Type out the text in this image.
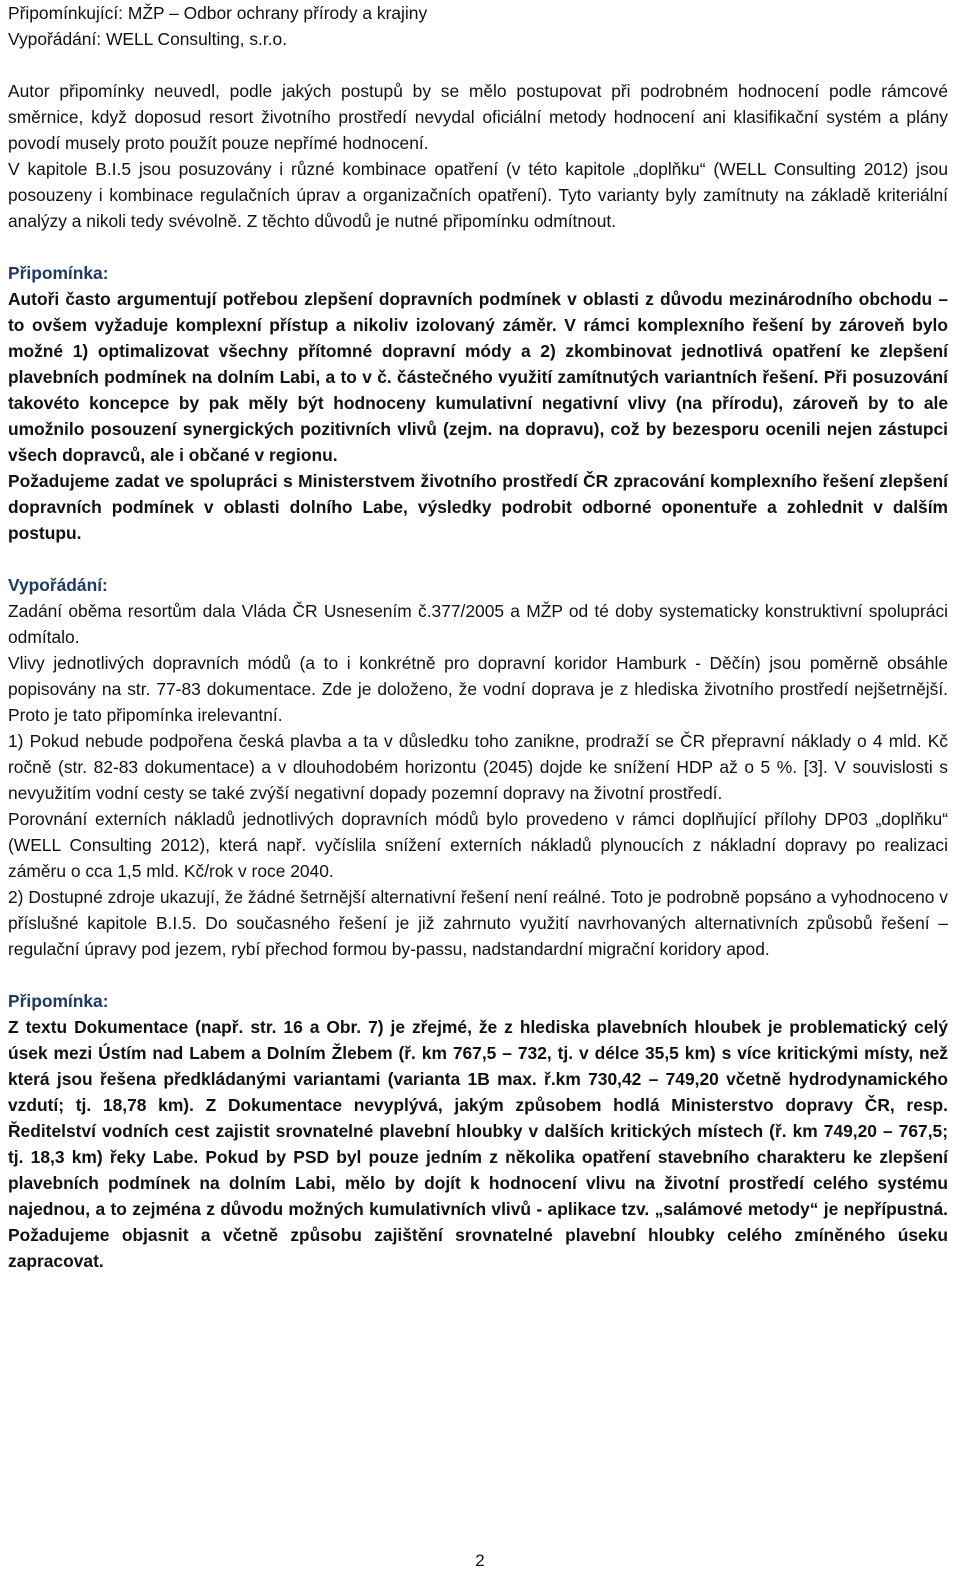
Připomínkující: MŽP – Odbor ochrany přírody a krajiny

Vypořádání: WELL Consulting, s.r.o.

Autor připomínky neuvedl, podle jakých postupů by se mělo postupovat při podrobném hodnocení podle rámcové směrnice, když doposud resort životního prostředí nevydal oficiální metody hodnocení ani klasifikační systém a plány povodí musely proto použít pouze nepřímé hodnocení.

V kapitole B.I.5 jsou posuzovány i různé kombinace opatření (v této kapitole „doplňku“ (WELL Consulting 2012) jsou posouzeny i kombinace regulačních úprav a organizačních opatření). Tyto varianty byly zamítnuty na základě kriteriální analýzy a nikoli tedy svévolně. Z těchto důvodů je nutné připomínku odmítnout.

Připomínka:

Autoři často argumentují potřebou zlepšení dopravních podmínek v oblasti z důvodu mezinárodního obchodu – to ovšem vyžaduje komplexní přístup a nikoliv izolovaný záměr. V rámci komplexního řešení by zároveň bylo možné 1) optimalizovat všechny přítomné dopravní módy a 2) zkombinovat jednotlivá opatření ke zlepšení plavebních podmínek na dolním Labi, a to v č. částečného využití zamítnutých variantních řešení. Při posuzování takovéto koncepce by pak měly být hodnoceny kumulativní negativní vlivy (na přírodu), zároveň by to ale umožnilo posouzení synergických pozitivních vlivů (zejm. na dopravu), což by bezesporu ocenili nejen zástupci všech dopravců, ale i občané v regionu.

Požadujeme zadat ve spolupráci s Ministerstvem životního prostředí ČR zpracování komplexního řešení zlepšení dopravních podmínek v oblasti dolního Labe, výsledky podrobit odborné oponentuře a zohlednit v dalším postupu.

Vypořádání:

Zadání oběma resortům dala Vláda ČR Usnesením č.377/2005 a MŽP od té doby systematicky konstruktivní spolupráci odmítalo.

Vlivy jednotlivých dopravních módů (a to i konkrétně pro dopravní koridor Hamburk - Děčín) jsou poměrně obsáhle popisovány na str. 77-83 dokumentace. Zde je doloženo, že vodní doprava je z hlediska životního prostředí nejšetrnější. Proto je tato připomínka irelevantní.

1) Pokud nebude podpořena česká plavba a ta v důsledku toho zanikne, prodraží se ČR přepravní náklady o 4 mld. Kč ročně (str. 82-83 dokumentace) a v dlouhodobém horizontu (2045) dojde ke snížení HDP až o 5 %. [3]. V souvislosti s nevyužitím vodní cesty se také zvýší negativní dopady pozemní dopravy na životní prostředí.

Porovnání externích nákladů jednotlivých dopravních módů bylo provedeno v rámci doplňující přílohy DP03 „doplňku“ (WELL Consulting 2012), která např. vyčíslila snížení externích nákladů plynoucích z nákladní dopravy po realizaci záměru o cca 1,5 mld. Kč/rok v roce 2040.

2) Dostupné zdroje ukazují, že žádné šetrnější alternativní řešení není reálné. Toto je podrobně popsáno a vyhodnoceno v příslušné kapitole B.I.5. Do současného řešení je již zahrnuto využití navrhovaných alternativních způsobů řešení – regulační úpravy pod jezem, rybí přechod formou by-passu, nadstandardní migrační koridory apod.

Připomínka:

Z textu Dokumentace (např. str. 16 a Obr. 7) je zřejmé, že z hlediska plavebních hloubek je problematický celý úsek mezi Ústím nad Labem a Dolním Žlebem (ř. km 767,5 – 732, tj. v délce 35,5 km) s více kritickými místy, než která jsou řešena předkládanými variantami (varianta 1B max. ř.km 730,42 – 749,20 včetně hydrodynamického vzdutí; tj. 18,78 km). Z Dokumentace nevyplývá, jakým způsobem hodlá Ministerstvo dopravy ČR, resp. Ředitelství vodních cest zajistit srovnatelné plavební hloubky v dalších kritických místech (ř. km 749,20 – 767,5; tj. 18,3 km) řeky Labe. Pokud by PSD byl pouze jedním z několika opatření stavebního charakteru ke zlepšení plavebních podmínek na dolním Labi, mělo by dojít k hodnocení vlivu na životní prostředí celého systému najednou, a to zejména z důvodu možných kumulativních vlivů - aplikace tzv. „salámové metody“ je nepřípustná. Požadujeme objasnit a včetně způsobu zajištění srovnatelné plavební hloubky celého zmíněného úseku zapracovat.

2
